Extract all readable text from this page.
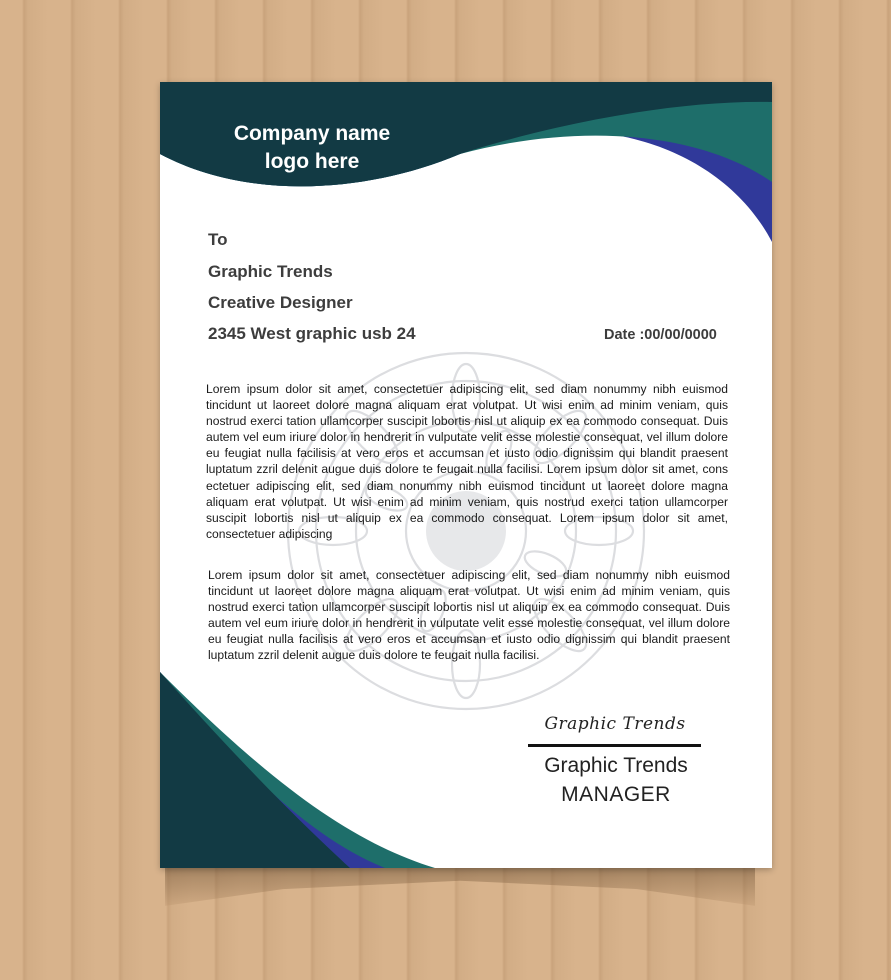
Company name
logo here
To
Graphic Trends
Creative Designer
2345 West graphic usb 24	Date :00/00/0000

Lorem ipsum dolor sit amet, consectetuer adipiscing elit, sed diam nonummy nibh euismod tincidunt ut laoreet dolore magna aliquam erat volutpat. Ut wisi enim ad minim veniam, quis nostrud exerci tation ullamcorper suscipit lobortis nisl ut aliquip ex ea commodo consequat. Duis autem vel eum iriure dolor in hendrerit in vulputate velit esse molestie consequat, vel illum dolore eu feugiat nulla facilisis at vero eros et accumsan et iusto odio dignissim qui blandit praesent luptatum zzril delenit augue duis dolore te feugait nulla facilisi. Lorem ipsum dolor sit amet, cons ectetuer adipiscing elit, sed diam nonummy nibh euismod tincidunt ut laoreet dolore magna aliquam erat volutpat. Ut wisi enim ad minim veniam, quis nostrud exerci tation ullamcorper suscipit lobortis nisl ut aliquip ex ea commodo consequat. Lorem ipsum dolor sit amet, consectetuer adipiscing

Lorem ipsum dolor sit amet, consectetuer adipiscing elit, sed diam nonummy nibh euismod tincidunt ut laoreet dolore magna aliquam erat volutpat. Ut wisi enim ad minim veniam, quis nostrud exerci tation ullamcorper suscipit lobortis nisl ut aliquip ex ea commodo consequat. Duis autem vel eum iriure dolor in hendrerit in vulputate velit esse molestie consequat, vel illum dolore eu feugiat nulla facilisis at vero eros et accumsan et iusto odio dignissim qui blandit praesent luptatum zzril delenit augue duis dolore te feugait nulla facilisi.

Graphic Trends
Graphic Trends
MANAGER
